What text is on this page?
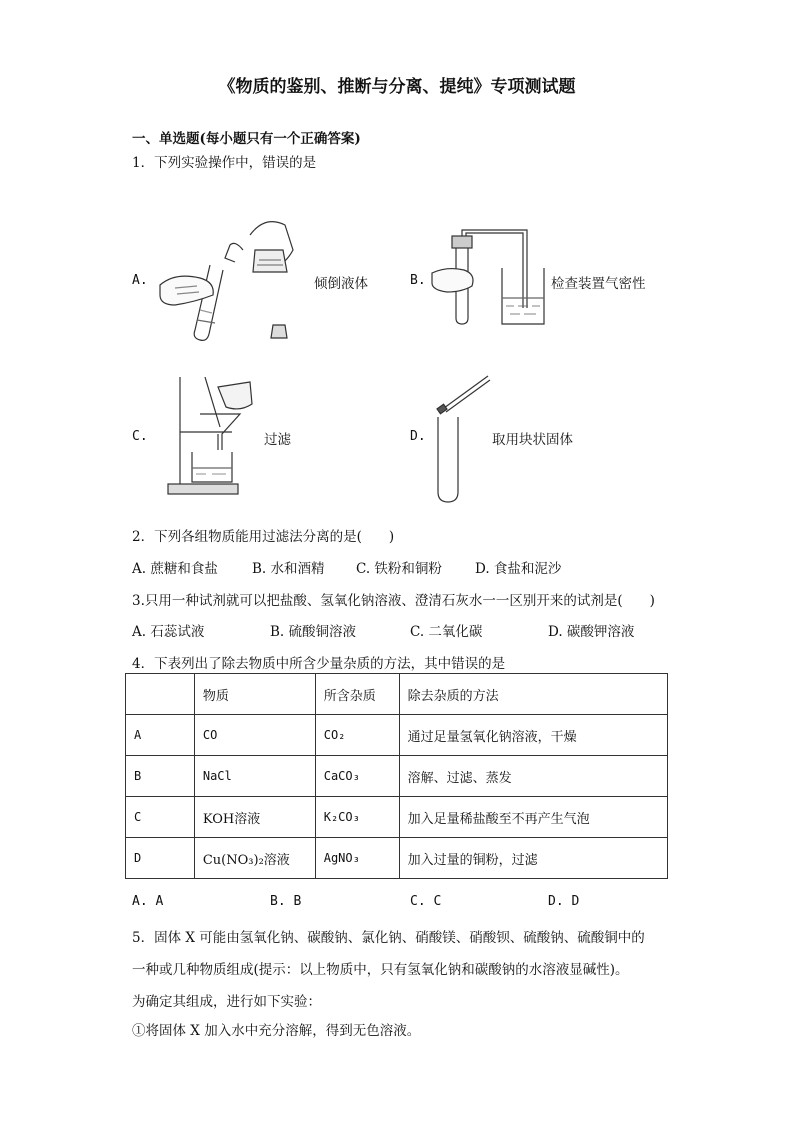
《物质的鉴别、推断与分离、提纯》专项测试题
一、单选题(每小题只有一个正确答案)
1．下列实验操作中，错误的是
A.	倾倒液体	B.	检查装置气密性
C.	过滤	D.	取用块状固体
2．下列各组物质能用过滤法分离的是(　　)
A. 蔗糖和食盐	B. 水和酒精 C. 铁粉和铜粉 D. 食盐和泥沙
3.只用一种试剂就可以把盐酸、氢氧化钠溶液、澄清石灰水一一区别开来的试剂是(　　)
A. 石蕊试液	B. 硫酸铜溶液	C. 二氧化碳	D. 碳酸钾溶液
4．下表列出了除去物质中所含少量杂质的方法，其中错误的是
	物质	所含杂质	除去杂质的方法
A	CO	CO₂	通过足量氢氧化钠溶液，干燥
B	NaCl	CaCO₃	溶解、过滤、蒸发
C	KOH溶液	K₂CO₃	加入足量稀盐酸至不再产生气泡
D	Cu(NO₃)₂溶液	AgNO₃	加入过量的铜粉，过滤
A. A	B. B	C. C	D. D
5．固体 X 可能由氢氧化钠、碳酸钠、氯化钠、硝酸镁、硝酸钡、硫酸钠、硫酸铜中的
一种或几种物质组成(提示：以上物质中，只有氢氧化钠和碳酸钠的水溶液显碱性)。
为确定其组成，进行如下实验：
①将固体 X 加入水中充分溶解，得到无色溶液。
